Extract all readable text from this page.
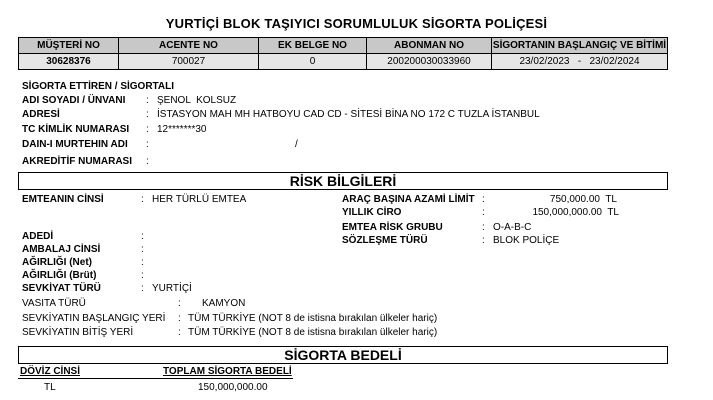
YURTİÇİ BLOK TAŞIYICI SORUMLULUK SİGORTA POLİÇESİ
MÜŞTERİ NO	ACENTE NO	EK BELGE NO	ABONMAN NO	SİGORTANIN BAŞLANGIÇ VE BİTİMİ
30628376	700027	0	200200030033960	23/02/2023   -   23/02/2024
SİGORTA ETTİREN / SİGORTALI
ADI SOYADI / ÜNVANI : ŞENOL  KOLSUZ
ADRESİ	: İSTASYON MAH MH HATBOYU CAD CD - SİTESİ BİNA NO 172 C TUZLA İSTANBUL
TC KİMLİK NUMARASI : 12*******30
DAIN-I MURTEHIN ADI :	/
AKREDİTİF NUMARASI :
RİSK BİLGİLERİ
EMTEANIN CİNSİ	: HER TÜRLÜ EMTEA
ADEDİ	:
AMBALAJ CİNSİ	:
AĞIRLIĞI (Net)	:
AĞIRLIĞI (Brüt)	:
SEVKİYAT TÜRÜ	: YURTİÇİ
ARAÇ BAŞINA AZAMİ LİMİT :	750,000.00  TL
YILLIK CİRO	:	150,000,000.00  TL
EMTEA RİSK GRUBU	: O-A-B-C
SÖZLEŞME TÜRÜ	: BLOK POLİÇE
VASITA TÜRÜ	: KAMYON
SEVKİYATIN BAŞLANGIÇ YERİ : TÜM TÜRKİYE (NOT 8 de istisna bırakılan ülkeler hariç)
SEVKİYATIN BİTİŞ YERİ	: TÜM TÜRKİYE (NOT 8 de istisna bırakılan ülkeler hariç)
SİGORTA BEDELİ
DÖVİZ CİNSİ	TOPLAM SİGORTA BEDELİ
TL	150,000,000.00
